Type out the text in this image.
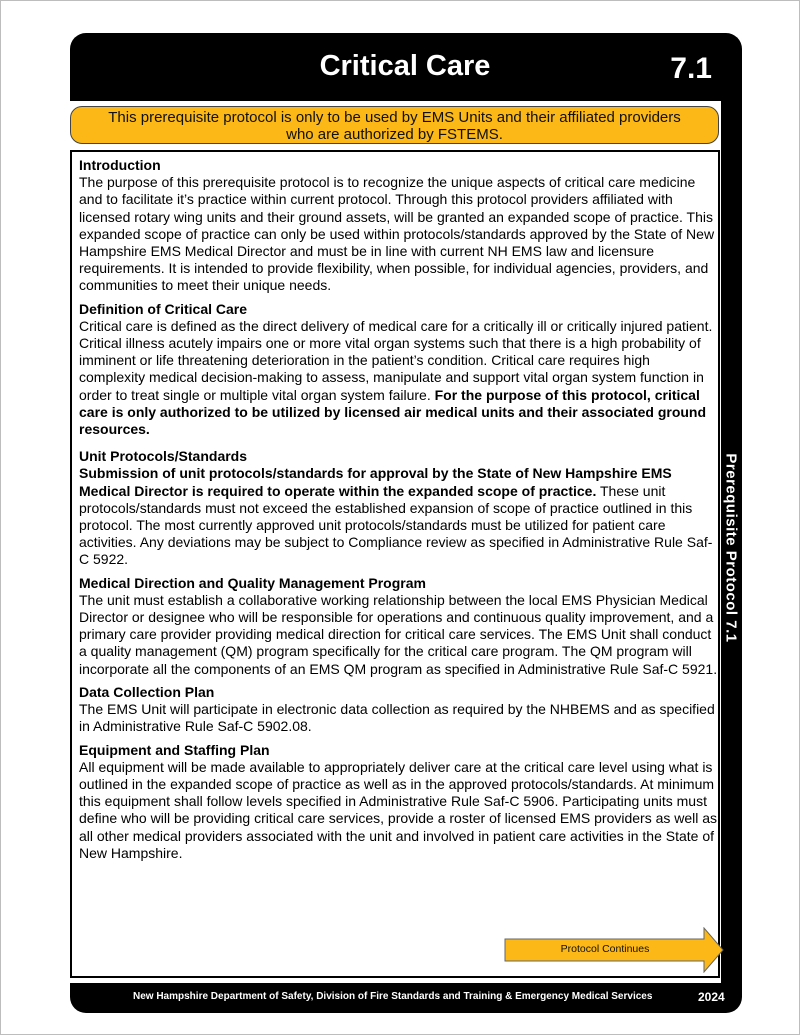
Critical Care	7.1
Prerequisite Protocol 7.1
This prerequisite protocol is only to be used by EMS Units and their affiliated providers
who are authorized by FSTEMS.
Introduction

The purpose of this prerequisite protocol is to recognize the unique aspects of critical care medicine and to facilitate it’s practice within current protocol. Through this protocol providers affiliated with licensed rotary wing units and their ground assets, will be granted an expanded scope of practice. This expanded scope of practice can only be used within protocols/standards approved by the State of New Hampshire EMS Medical Director and must be in line with current NH EMS law and licensure requirements. It is intended to provide flexibility, when possible, for individual agencies, providers, and communities to meet their unique needs.

Definition of Critical Care

Critical care is defined as the direct delivery of medical care for a critically ill or critically injured patient. Critical illness acutely impairs one or more vital organ systems such that there is a high probability of imminent or life threatening deterioration in the patient’s condition. Critical care requires high complexity medical decision-making to assess, manipulate and support vital organ system function in order to treat single or multiple vital organ system failure. For the purpose of this protocol, critical care is only authorized to be utilized by licensed air medical units and their associated ground resources.

Unit Protocols/Standards

Submission of unit protocols/standards for approval by the State of New Hampshire EMS Medical Director is required to operate within the expanded scope of practice. These unit protocols/standards must not exceed the established expansion of scope of practice outlined in this protocol. The most currently approved unit protocols/standards must be utilized for patient care activities. Any deviations may be subject to Compliance review as specified in Administrative Rule Saf-C 5922.

Medical Direction and Quality Management Program

The unit must establish a collaborative working relationship between the local EMS Physician Medical Director or designee who will be responsible for operations and continuous quality improvement, and a primary care provider providing medical direction for critical care services. The EMS Unit shall conduct a quality management (QM) program specifically for the critical care program. The QM program will incorporate all the components of an EMS QM program as specified in Administrative Rule Saf-C 5921.

Data Collection Plan

The EMS Unit will participate in electronic data collection as required by the NHBEMS and as specified in Administrative Rule Saf-C 5902.08.

Equipment and Staffing Plan

All equipment will be made available to appropriately deliver care at the critical care level using what is outlined in the expanded scope of practice as well as in the approved protocols/standards. At minimum this equipment shall follow levels specified in Administrative Rule Saf-C 5906. Participating units must define who will be providing critical care services, provide a roster of licensed EMS providers as well as all other medical providers associated with the unit and involved in patient care activities in the State of New Hampshire.

Protocol Continues
New Hampshire Department of Safety, Division of Fire Standards and Training & Emergency Medical Services	2024
